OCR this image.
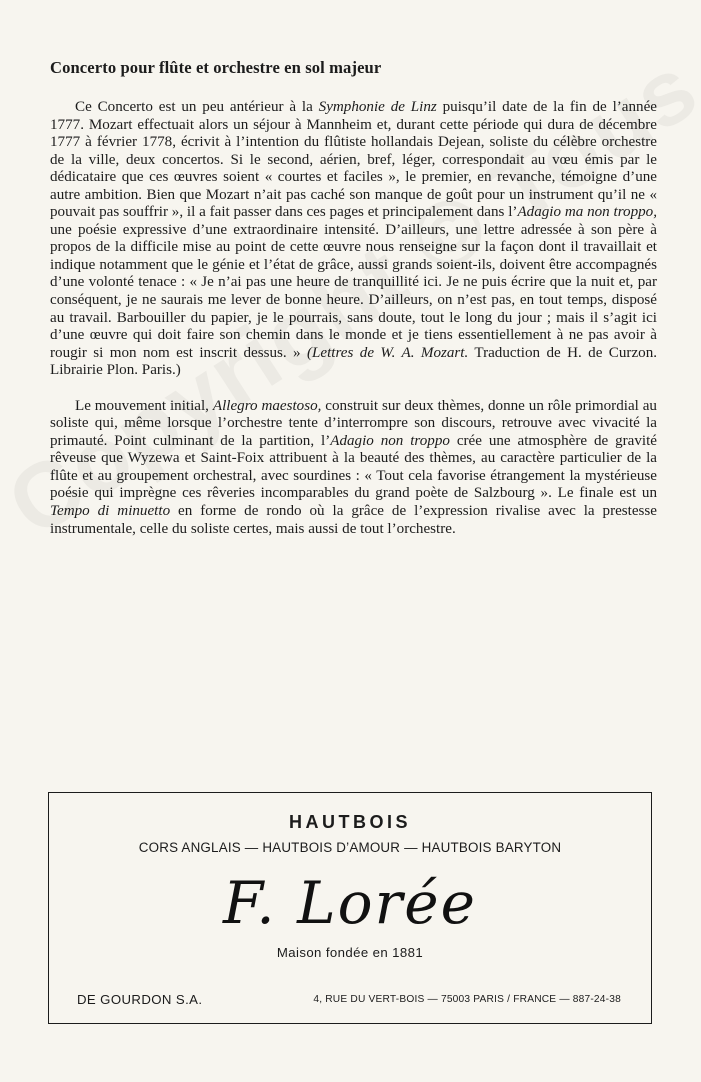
Concerto pour flûte et orchestre en sol majeur

Ce Concerto est un peu antérieur à la Symphonie de Linz puisqu’il date de la fin de l’année 1777. Mozart effectuait alors un séjour à Mannheim et, durant cette période qui dura de décembre 1777 à février 1778, écrivit à l’intention du flûtiste hollandais Dejean, soliste du célèbre orchestre de la ville, deux concertos. Si le second, aérien, bref, léger, correspondait au vœu émis par le dédicataire que ces œuvres soient « courtes et faciles », le premier, en revanche, témoigne d’une autre ambition. Bien que Mozart n’ait pas caché son manque de goût pour un instrument qu’il ne « pouvait pas souffrir », il a fait passer dans ces pages et principalement dans l’Adagio ma non troppo, une poésie expressive d’une extraordinaire intensité. D’ailleurs, une lettre adressée à son père à propos de la difficile mise au point de cette œuvre nous renseigne sur la façon dont il travaillait et indique notamment que le génie et l’état de grâce, aussi grands soient-ils, doivent être accompagnés d’une volonté tenace : « Je n’ai pas une heure de tranquillité ici. Je ne puis écrire que la nuit et, par conséquent, je ne saurais me lever de bonne heure. D’ailleurs, on n’est pas, en tout temps, disposé au travail. Barbouiller du papier, je le pourrais, sans doute, tout le long du jour ; mais il s’agit ici d’une œuvre qui doit faire son chemin dans le monde et je tiens essentiellement à ne pas avoir à rougir si mon nom est inscrit dessus. » (Lettres de W. A. Mozart. Traduction de H. de Curzon. Librairie Plon. Paris.)

Le mouvement initial, Allegro maestoso, construit sur deux thèmes, donne un rôle primordial au soliste qui, même lorsque l’orchestre tente d’interrompre son discours, retrouve avec vivacité la primauté. Point culminant de la partition, l’Adagio non troppo crée une atmosphère de gravité rêveuse que Wyzewa et Saint-Foix attribuent à la beauté des thèmes, au caractère particulier de la flûte et au groupement orchestral, avec sourdines : « Tout cela favorise étrangement la mystérieuse poésie qui imprègne ces rêveries incomparables du grand poète de Salzbourg ». Le finale est un Tempo di minuetto en forme de rondo où la grâce de l’expression rivalise avec la prestesse instrumentale, celle du soliste certes, mais aussi de tout l’orchestre.

HAUTBOIS
CORS ANGLAIS — HAUTBOIS D’AMOUR — HAUTBOIS BARYTON
F. Lorée
Maison fondée en 1881
DE GOURDON S.A.	4, RUE DU VERT-BOIS — 75003 PARIS / FRANCE — 887-24-38
